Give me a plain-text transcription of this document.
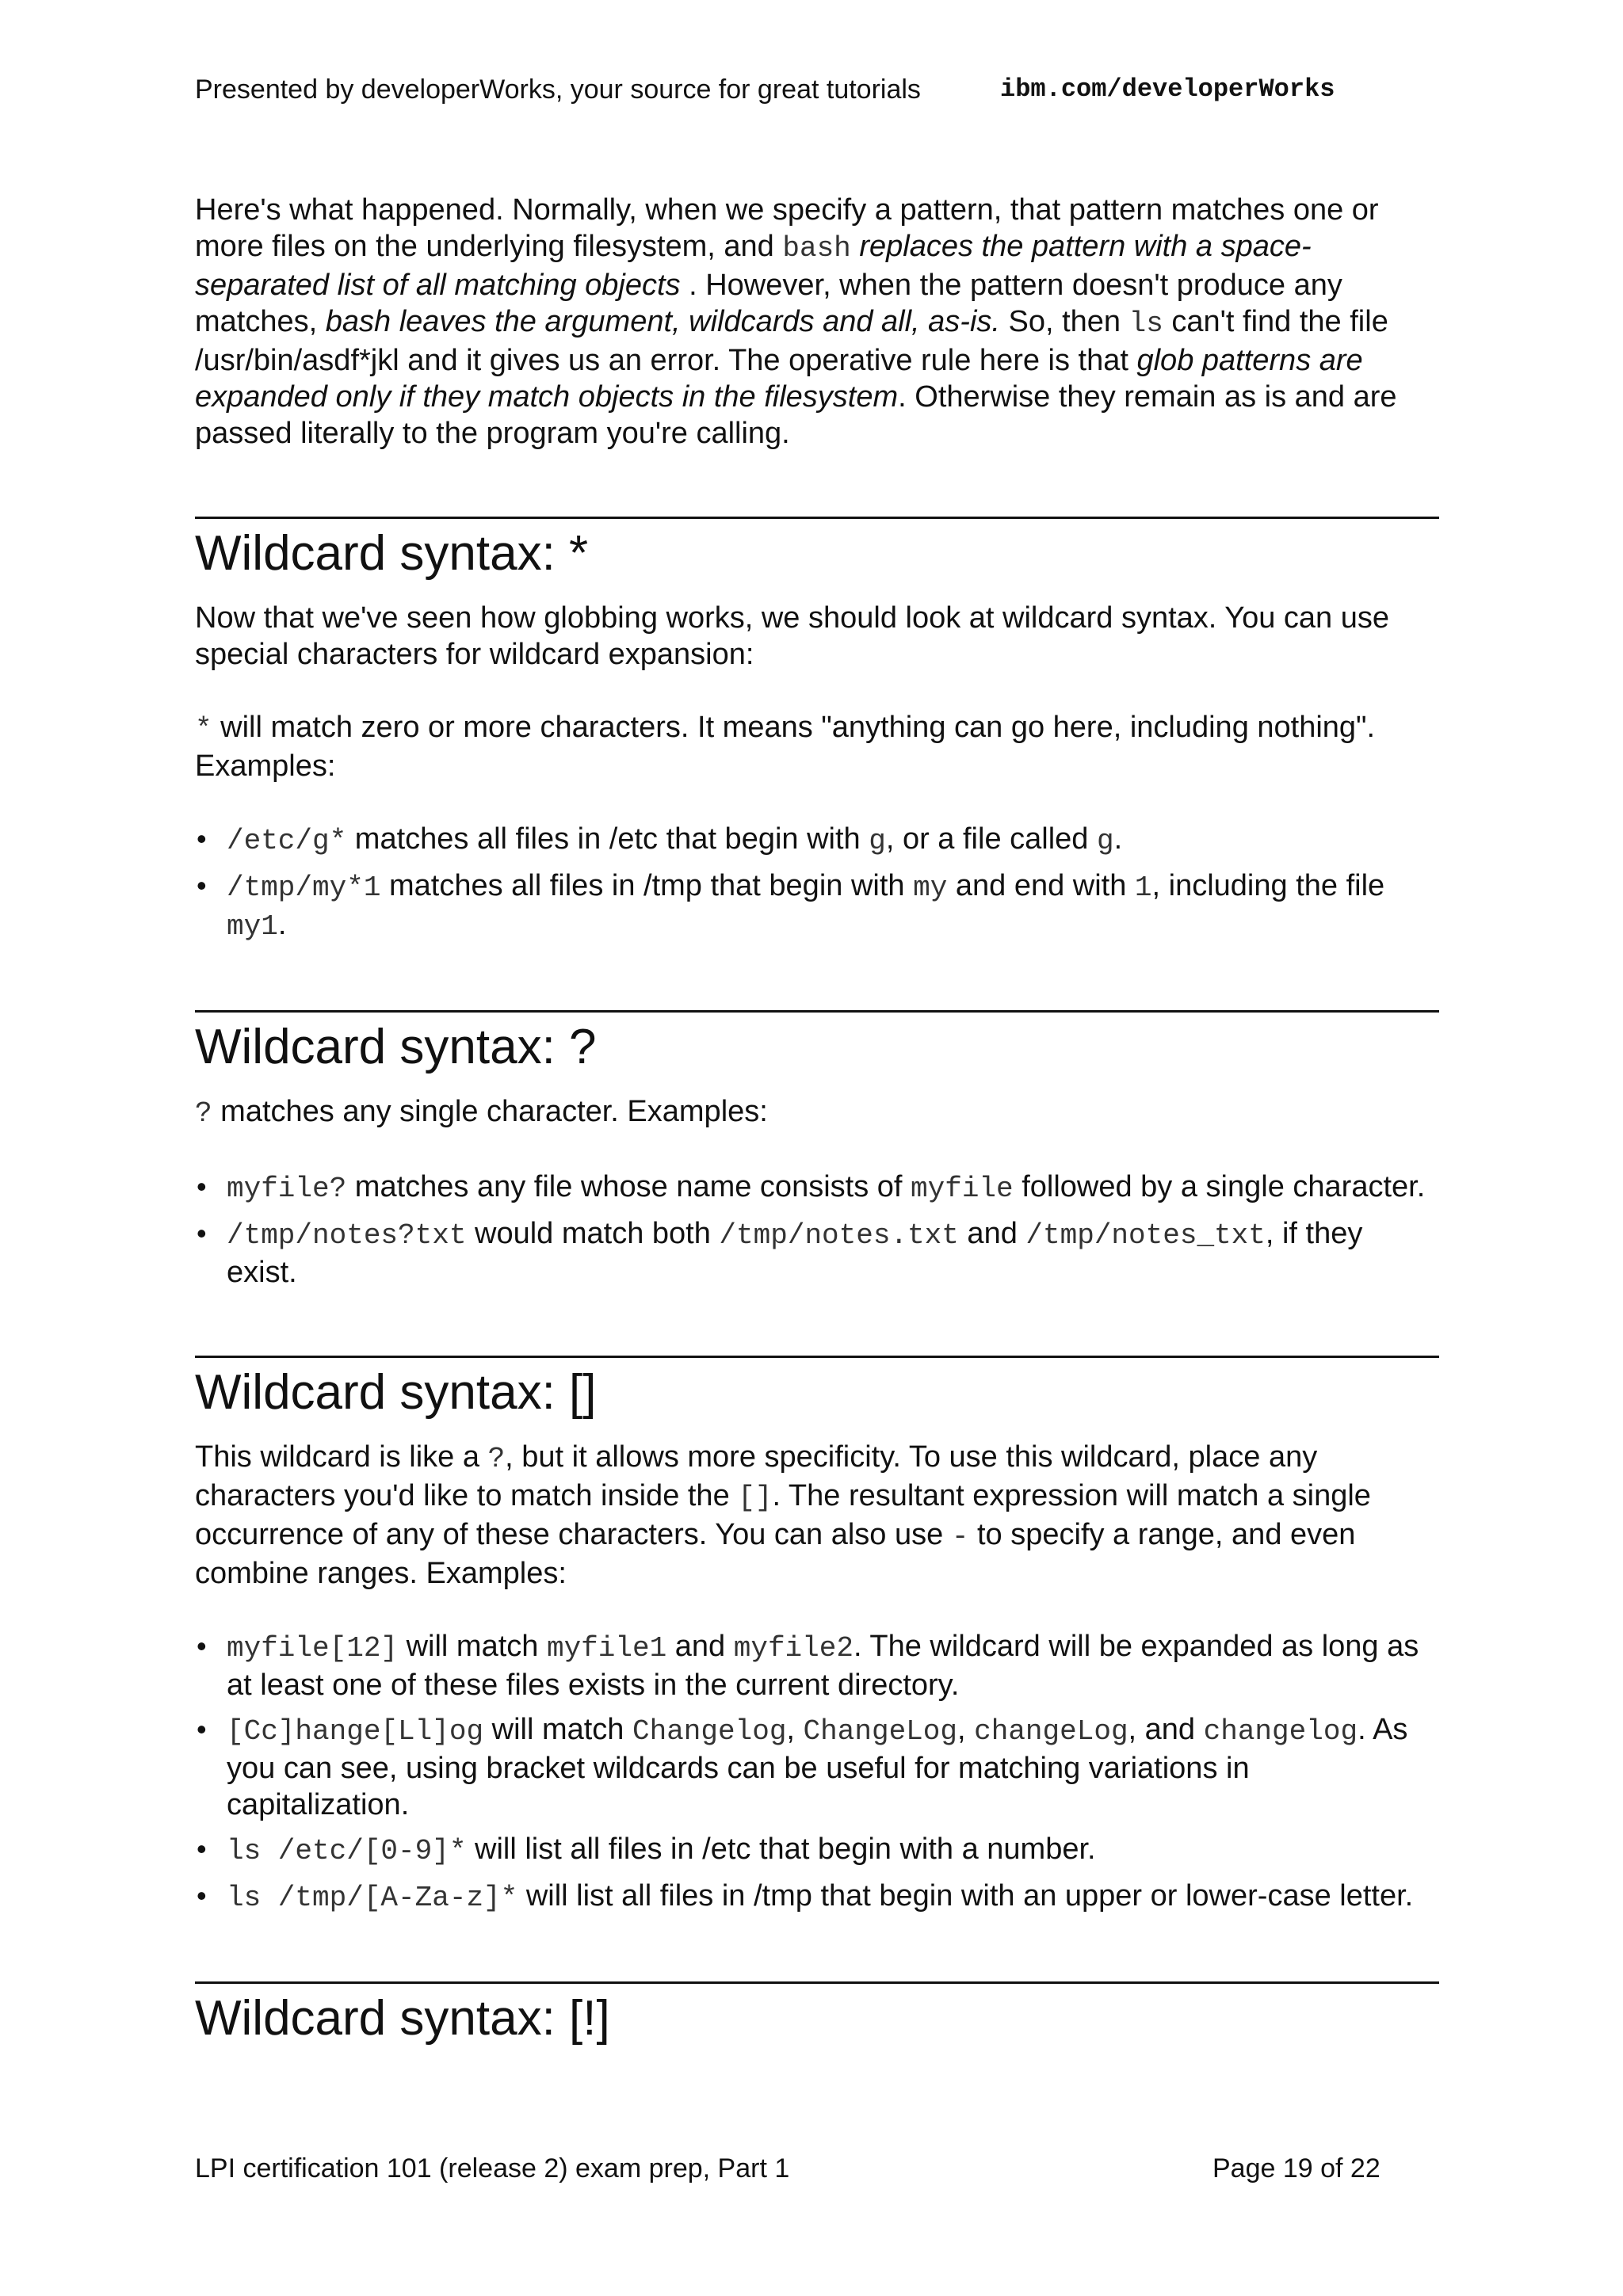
Presented by developerWorks, your source for great tutorials	ibm.com/developerWorks

Here's what happened. Normally, when we specify a pattern, that pattern matches one or more files on the underlying filesystem, and bash replaces the pattern with a space-separated list of all matching objects . However, when the pattern doesn't produce any matches, bash leaves the argument, wildcards and all, as-is. So, then ls can't find the file /usr/bin/asdf*jkl and it gives us an error. The operative rule here is that glob patterns are expanded only if they match objects in the filesystem. Otherwise they remain as is and are passed literally to the program you're calling.

Wildcard syntax: *

Now that we've seen how globbing works, we should look at wildcard syntax. You can use special characters for wildcard expansion:

* will match zero or more characters. It means "anything can go here, including nothing". Examples:

• /etc/g* matches all files in /etc that begin with g, or a file called g.
• /tmp/my*1 matches all files in /tmp that begin with my and end with 1, including the file my1.
Wildcard syntax: ?

? matches any single character. Examples:

• myfile? matches any file whose name consists of myfile followed by a single character.
• /tmp/notes?txt would match both /tmp/notes.txt and /tmp/notes_txt, if they exist.
Wildcard syntax: []

This wildcard is like a ?, but it allows more specificity. To use this wildcard, place any characters you'd like to match inside the []. The resultant expression will match a single occurrence of any of these characters. You can also use - to specify a range, and even combine ranges. Examples:

• myfile[12] will match myfile1 and myfile2. The wildcard will be expanded as long as at least one of these files exists in the current directory.
• [Cc]hange[Ll]og will match Changelog, ChangeLog, changeLog, and changelog. As you can see, using bracket wildcards can be useful for matching variations in capitalization.
• ls /etc/[0-9]* will list all files in /etc that begin with a number.
• ls /tmp/[A-Za-z]* will list all files in /tmp that begin with an upper or lower-case letter.
Wildcard syntax: [!]
LPI certification 101 (release 2) exam prep, Part 1	Page 19 of 22
